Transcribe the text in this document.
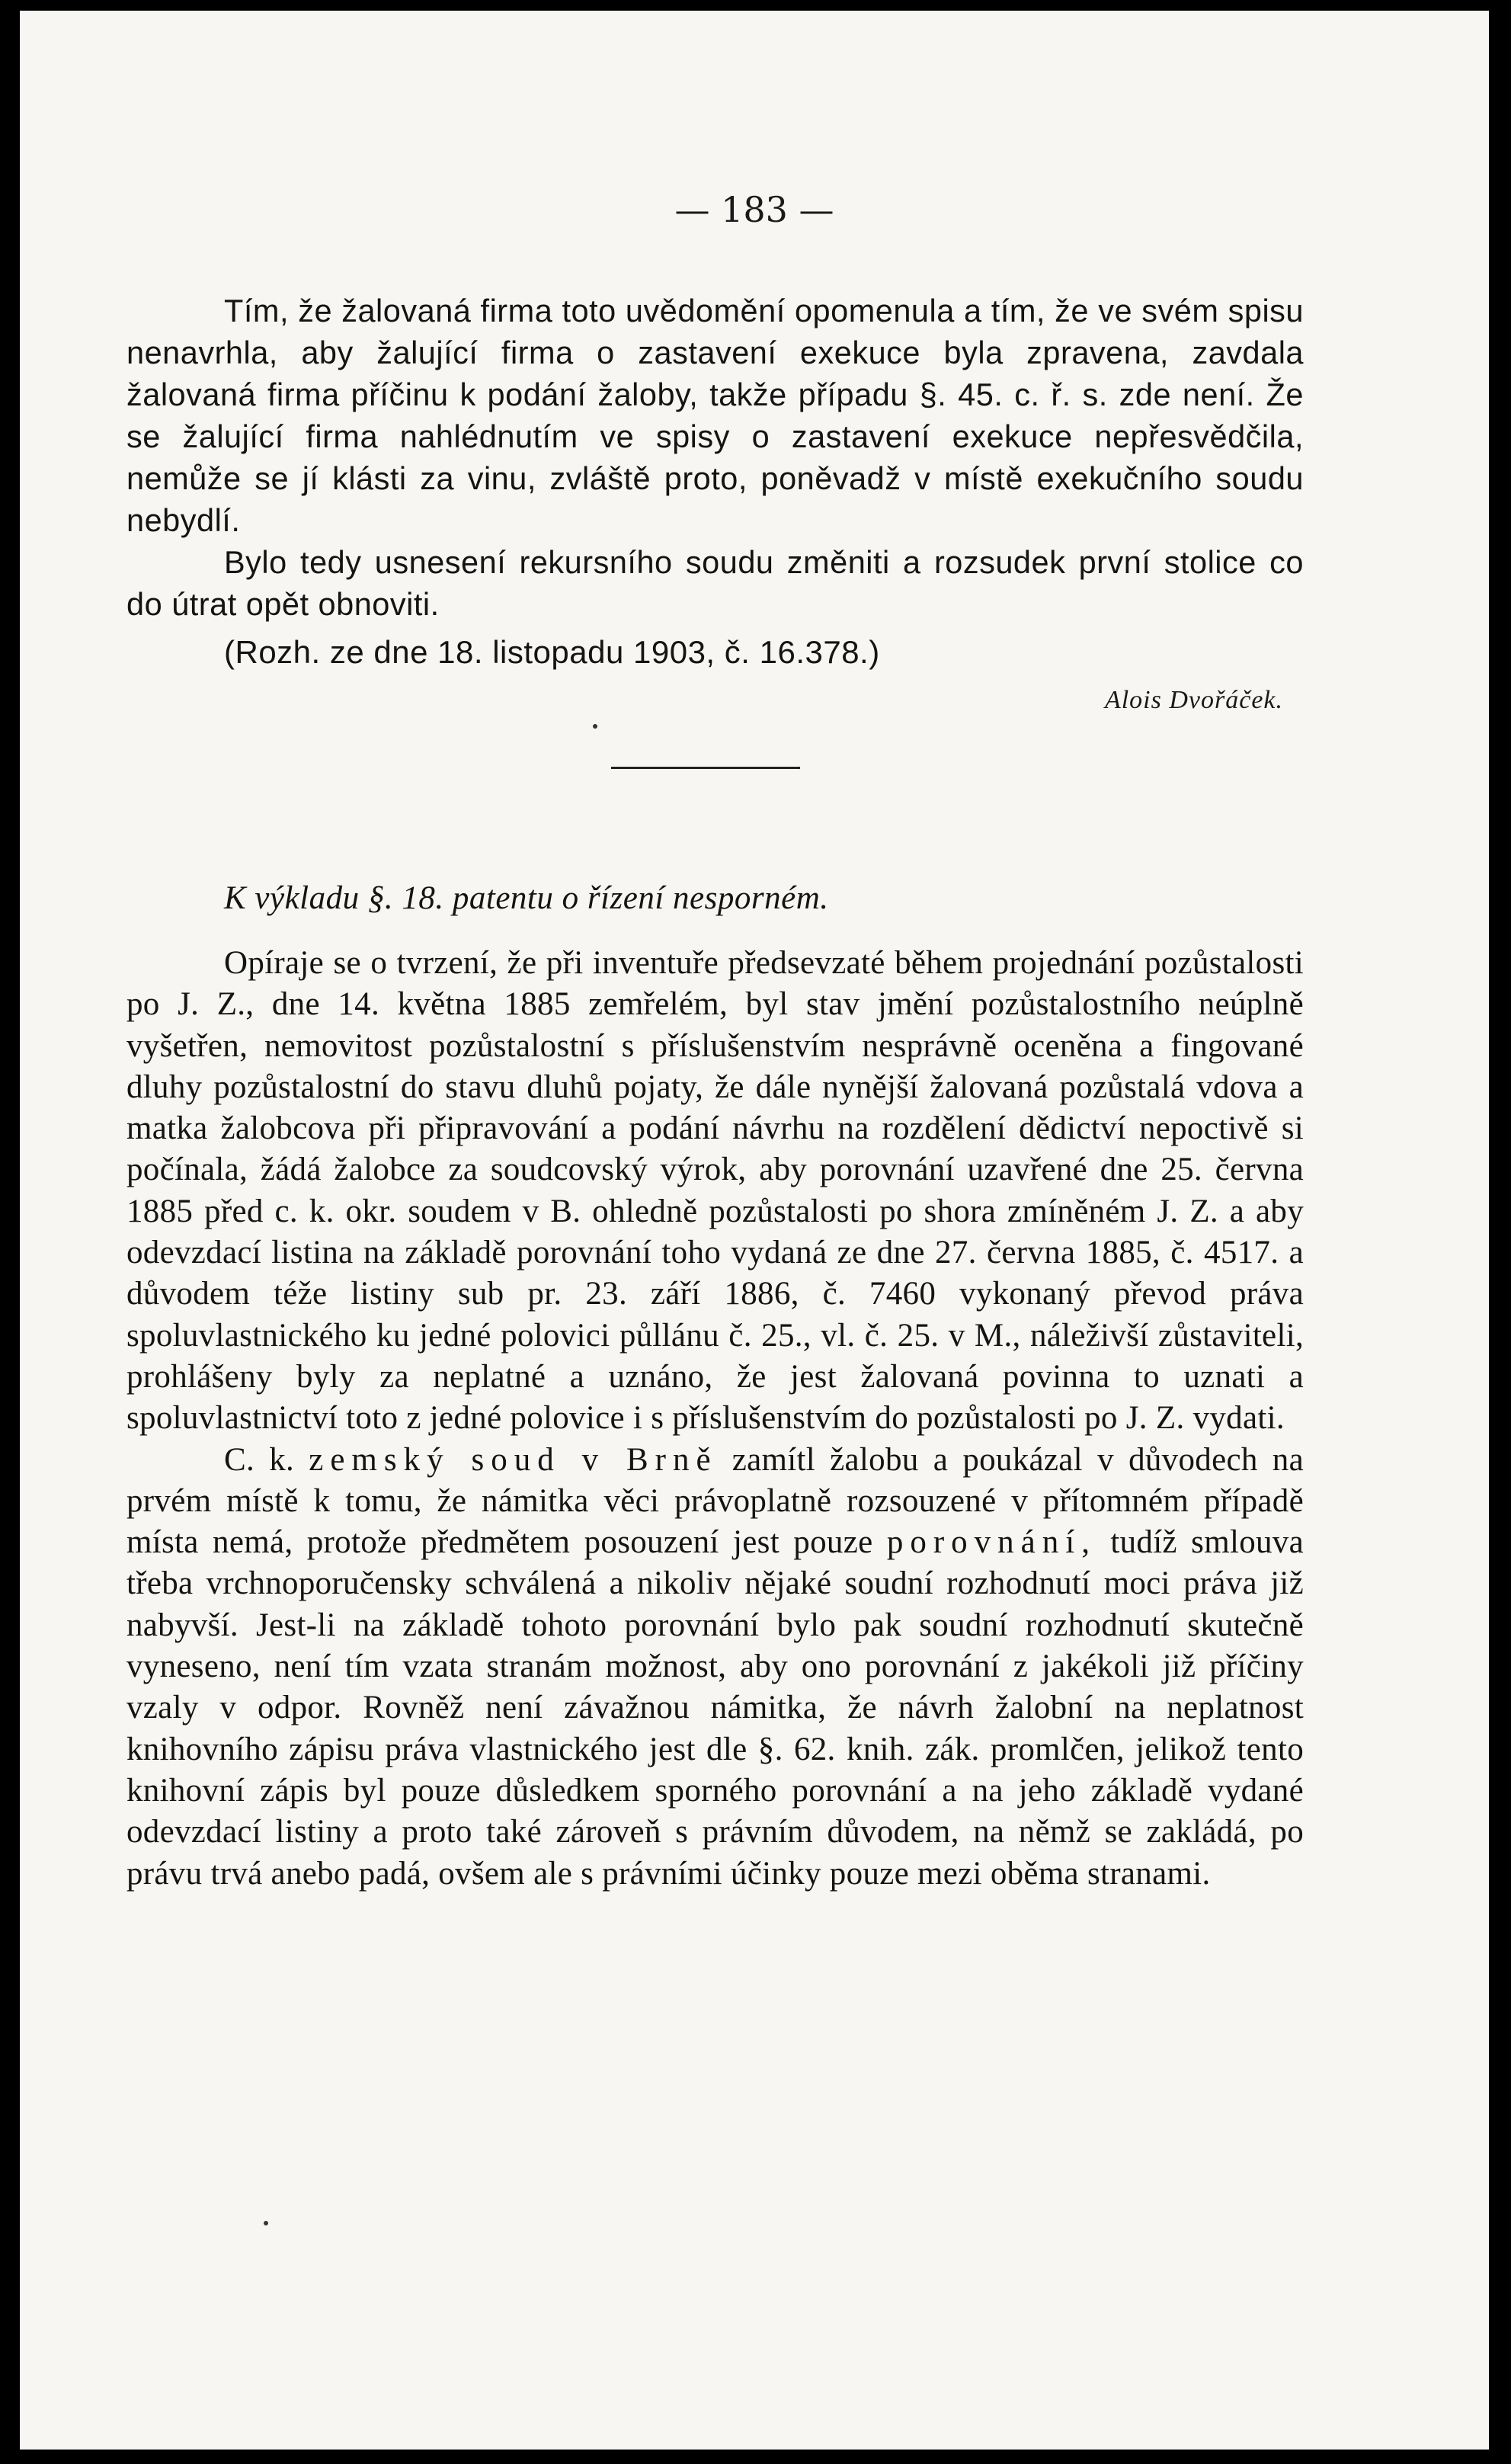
— 183 —

Tím, že žalovaná firma toto uvědomění opomenula a tím, že ve svém spisu nenavrhla, aby žalující firma o zastavení exekuce byla zpravena, zavdala žalovaná firma příčinu k podání žaloby, takže případu §. 45. c. ř. s. zde není. Že se žalující firma nahlédnutím ve spisy o zastavení exekuce nepřesvědčila, nemůže se jí klásti za vinu, zvláště proto, poněvadž v místě exekučního soudu nebydlí.

Bylo tedy usnesení rekursního soudu změniti a rozsudek první stolice co do útrat opět obnoviti.

(Rozh. ze dne 18. listopadu 1903, č. 16.378.)
Alois Dvořáček.
K výkladu §. 18. patentu o řízení nesporném.

Opíraje se o tvrzení, že při inventuře předsevzaté během projednání pozůstalosti po J. Z., dne 14. května 1885 zemřelém, byl stav jmění pozůstalostního neúplně vyšetřen, nemovitost pozůstalostní s příslušenstvím nesprávně oceněna a fingované dluhy pozůstalostní do stavu dluhů pojaty, že dále nynější žalovaná pozůstalá vdova a matka žalobcova při připravování a podání návrhu na rozdělení dědictví nepoctivě si počínala, žádá žalobce za soudcovský výrok, aby porovnání uzavřené dne 25. června 1885 před c. k. okr. soudem v B. ohledně pozůstalosti po shora zmíněném J. Z. a aby odevzdací listina na základě porovnání toho vydaná ze dne 27. června 1885, č. 4517. a důvodem téže listiny sub pr. 23. září 1886, č. 7460 vykonaný převod práva spoluvlastnického ku jedné polovici půllánu č. 25., vl. č. 25. v M., náleživší zůstaviteli, prohlášeny byly za neplatné a uznáno, že jest žalovaná povinna to uznati a spoluvlastnictví toto z jedné polovice i s příslušenstvím do pozůstalosti po J. Z. vydati.

C. k. zemský soud v Brně zamítl žalobu a poukázal v důvodech na prvém místě k tomu, že námitka věci právoplatně rozsouzené v přítomném případě místa nemá, protože předmětem posouzení jest pouze porovnání, tudíž smlouva třeba vrchnoporučensky schválená a nikoliv nějaké soudní rozhodnutí moci práva již nabyvší. Jest-li na základě tohoto porovnání bylo pak soudní rozhodnutí skutečně vyneseno, není tím vzata stranám možnost, aby ono porovnání z jakékoli již příčiny vzaly v odpor. Rovněž není závažnou námitka, že návrh žalobní na neplatnost knihovního zápisu práva vlastnického jest dle §. 62. knih. zák. promlčen, jelikož tento knihovní zápis byl pouze důsledkem sporného porovnání a na jeho základě vydané odevzdací listiny a proto také zároveň s právním důvodem, na němž se zakládá, po právu trvá anebo padá, ovšem ale s právními účinky pouze mezi oběma stranami.
